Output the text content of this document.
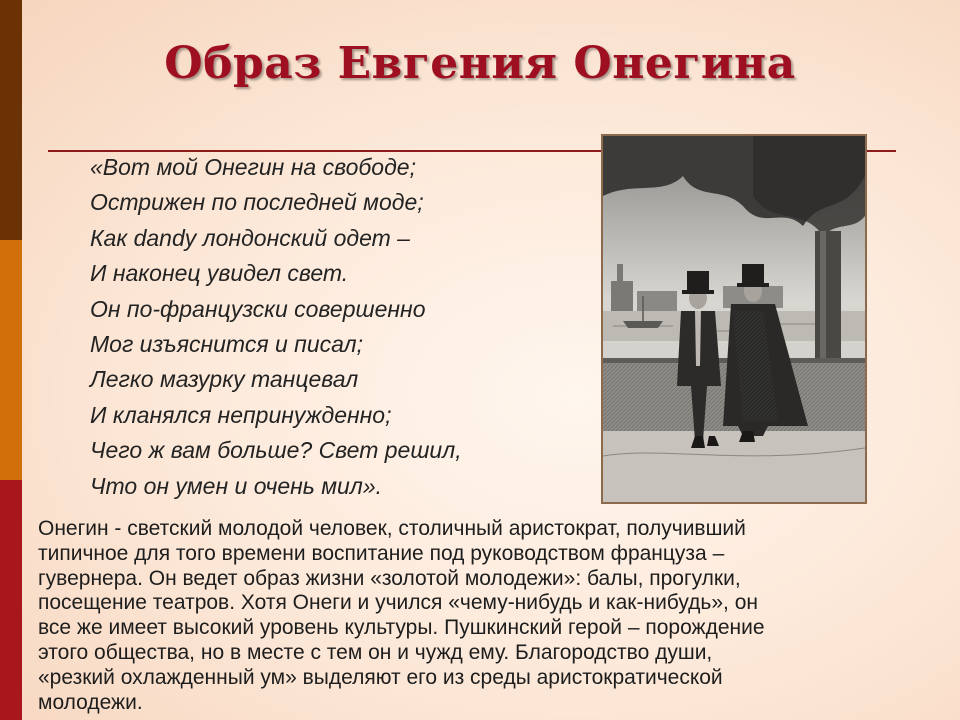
Образ Евгения Онегина
«Вот мой Онегин на свободе;
Острижен по последней моде;
Как dandy лондонский одет –
И наконец увидел свет.
Он по-французски совершенно
Мог изъяснится и писал;
Легко мазурку танцевал
И кланялся непринужденно;
Чего ж вам больше? Свет решил,
Что он умен и очень мил».
Онегин - светский молодой человек, столичный аристократ, получивший
типичное для того времени воспитание под руководством француза –
гувернера. Он ведет образ жизни «золотой молодежи»: балы, прогулки,
посещение театров. Хотя Онеги и учился «чему-нибудь и как-нибудь», он
все же имеет высокий уровень культуры. Пушкинский герой – порождение
этого общества, но в месте с тем он и чужд ему. Благородство души,
«резкий охлажденный ум» выделяют его из среды аристократической
молодежи.
